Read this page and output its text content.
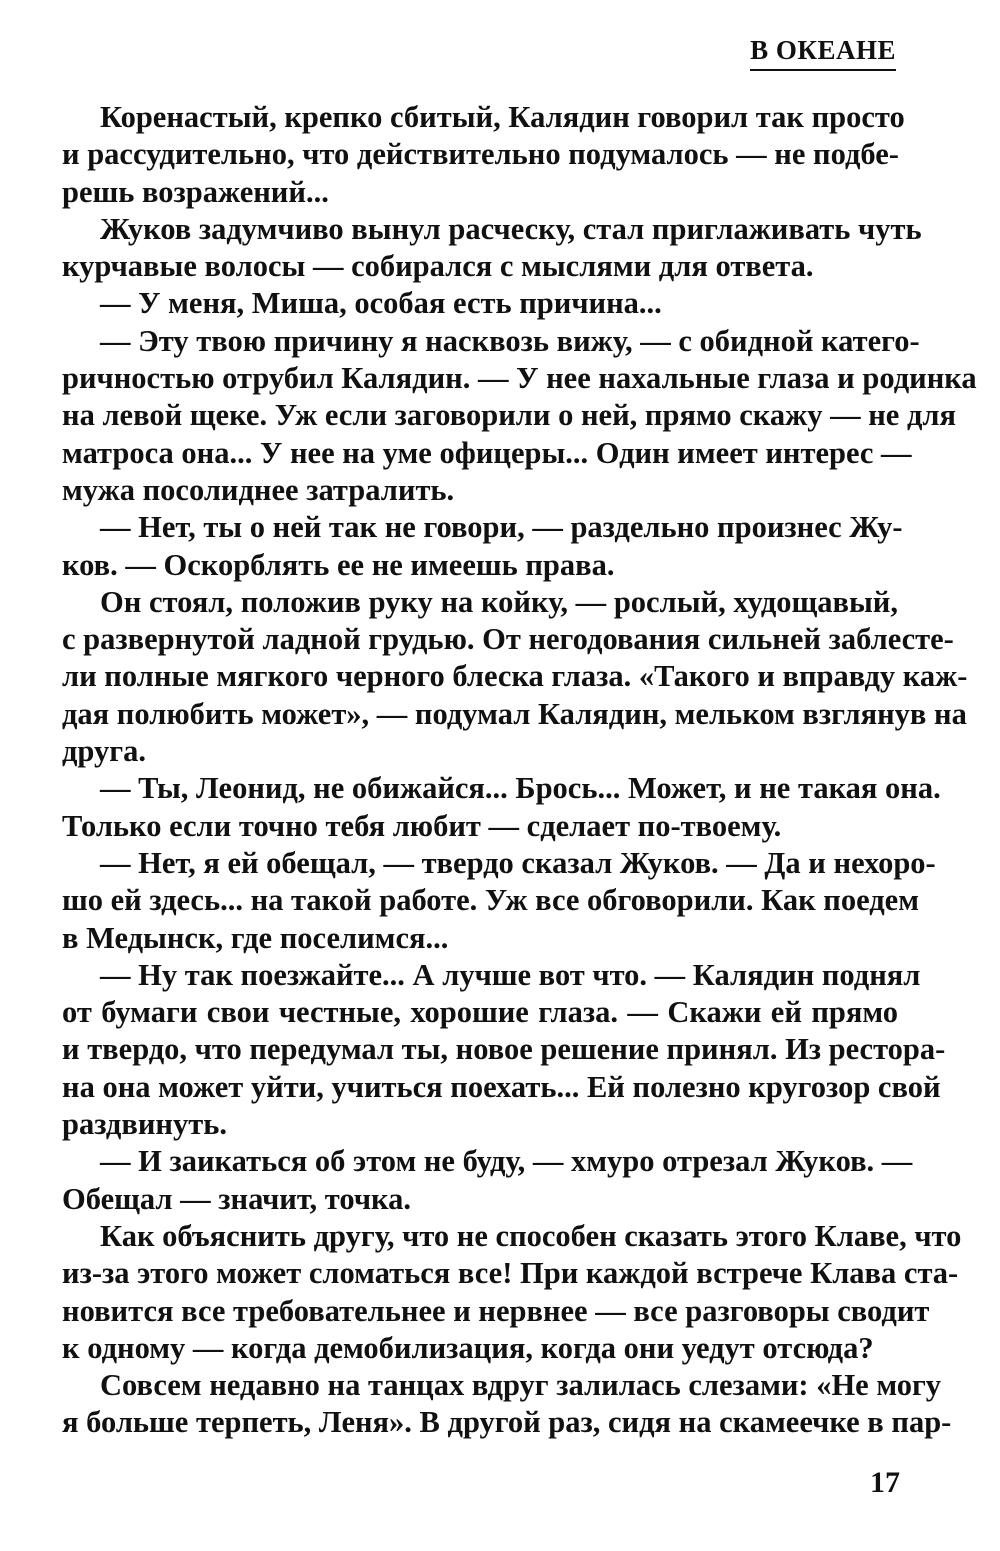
В ОКЕАНЕ

Коренастый, крепко сбитый, Калядин говорил так просто
и рассудительно, что действительно подумалось — не подбе-
решь возражений...

Жуков задумчиво вынул расческу, стал приглаживать чуть
курчавые волосы — собирался с мыслями для ответа.

— У меня, Миша, особая есть причина...

— Эту твою причину я насквозь вижу, — с обидной катего-
ричностью отрубил Калядин. — У нее нахальные глаза и родинка
на левой щеке. Уж если заговорили о ней, прямо скажу — не для
матроса она... У нее на уме офицеры... Один имеет интерес —
мужа посолиднее затралить.

— Нет, ты о ней так не говори, — раздельно произнес Жу-
ков. — Оскорблять ее не имеешь права.

Он стоял, положив руку на койку, — рослый, худощавый,
с развернутой ладной грудью. От негодования сильней заблесте-
ли полные мягкого черного блеска глаза. «Такого и вправду каж-
дая полюбить может», — подумал Калядин, мельком взглянув на
друга.

— Ты, Леонид, не обижайся... Брось... Может, и не такая она.
Только если точно тебя любит — сделает по-твоему.

— Нет, я ей обещал, — твердо сказал Жуков. — Да и нехоро-
шо ей здесь... на такой работе. Уж все обговорили. Как поедем
в Медынск, где поселимся...

— Ну так поезжайте... А лучше вот что. — Калядин поднял
от бумаги свои честные, хорошие глаза. — Скажи ей прямо
и твердо, что передумал ты, новое решение принял. Из рестора-
на она может уйти, учиться поехать... Ей полезно кругозор свой
раздвинуть.

— И заикаться об этом не буду, — хмуро отрезал Жуков. —
Обещал — значит, точка.

Как объяснить другу, что не способен сказать этого Клаве, что
из-за этого может сломаться все! При каждой встрече Клава ста-
новится все требовательнее и нервнее — все разговоры сводит
к одному — когда демобилизация, когда они уедут отсюда?

Совсем недавно на танцах вдруг залилась слезами: «Не могу
я больше терпеть, Леня». В другой раз, сидя на скамеечке в пар-

17
